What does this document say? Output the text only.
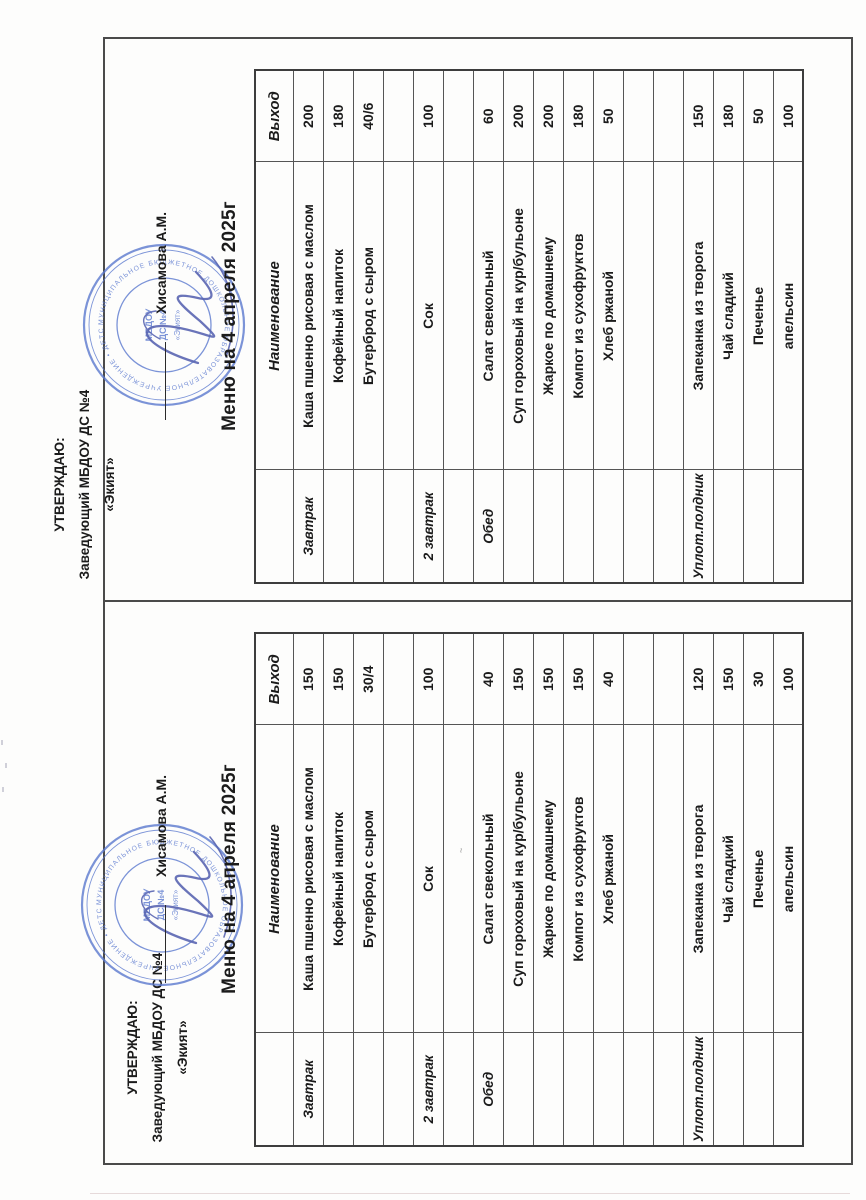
УТВЕРЖДАЮ: Заведующий МБДОУ ДС №4 «Экият»
Хисамова А.М.	Меню на 4 апреля 2025г
	Наименование	Выход
Завтрак	Каша пшенно рисовая с маслом	150
	Кофейный напиток	150
	Бутерброд с сыром	30/4

2 завтрак	Сок	100

Обед	Салат свекольный	40
	Суп гороховый на кур/бульоне	150
	Жаркое по домашнему	150
	Компот из сухофруктов	150
	Хлеб ржаной	40

Уплот.полдник	Запеканка из творога	120
	Чай сладкий	150
	Печенье	30
	апельсин	100
~
УТВЕРЖДАЮ: Заведующий МБДОУ ДС №4 «Экият»
Хисамова А.М.	Меню на 4 апреля 2025г
	Наименование	Выход
Завтрак	Каша пшенно рисовая с маслом	200
	Кофейный напиток	180
	Бутерброд с сыром	40/6

2 завтрак	Сок	100

Обед	Салат свекольный	60
	Суп гороховый на кур/бульоне	200
	Жаркое по домашнему	200
	Компот из сухофруктов	180
	Хлеб ржаной	50

Уплот.полдник	Запеканка из творога	150
	Чай сладкий	180
	Печенье	50
	апельсин	100
